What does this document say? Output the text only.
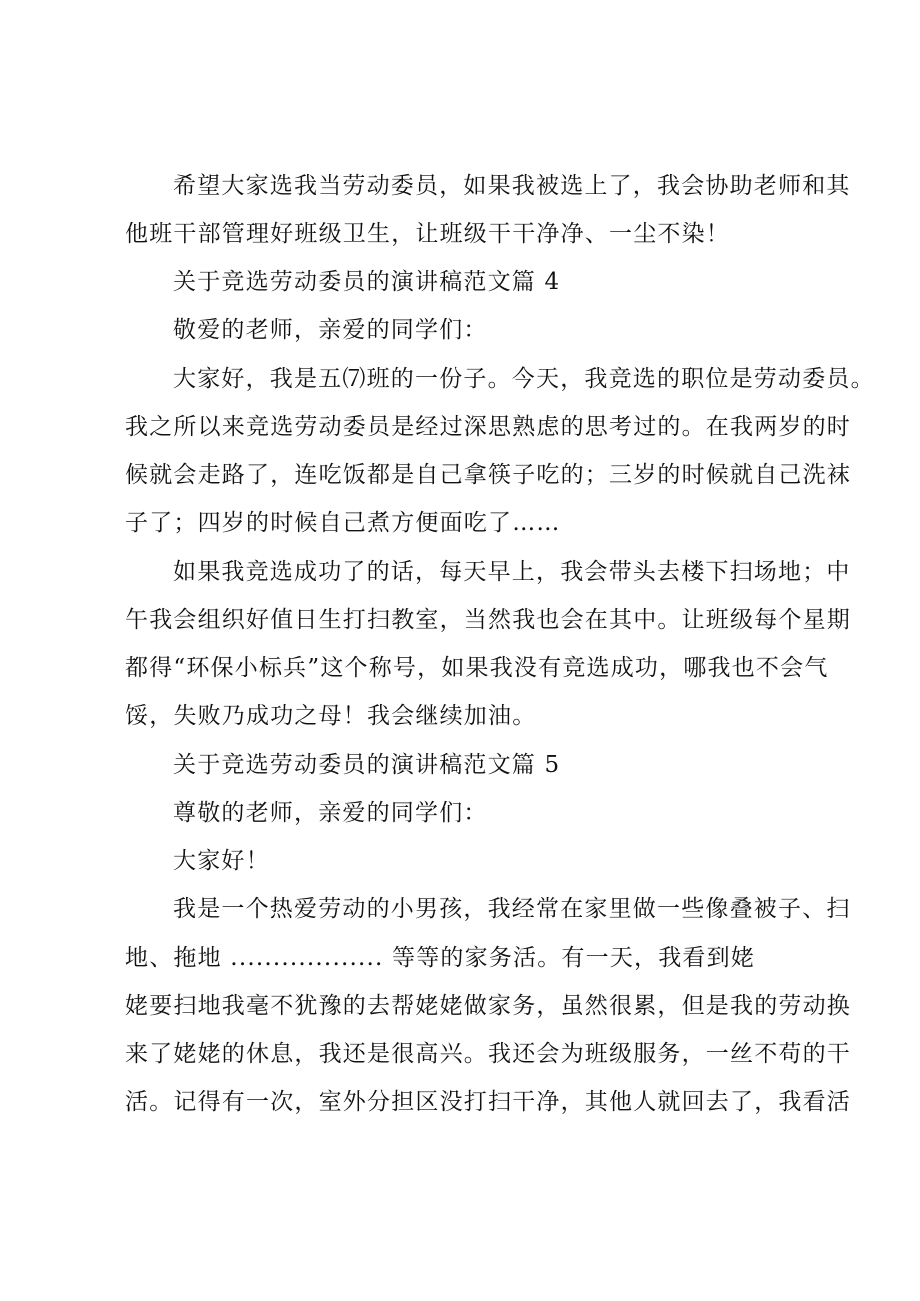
希望大家选我当劳动委员，如果我被选上了，我会协助老师和其
他班干部管理好班级卫生，让班级干干净净、一尘不染！
关于竞选劳动委员的演讲稿范文篇 4
敬爱的老师，亲爱的同学们：
大家好，我是五⑺班的一份子。今天，我竞选的职位是劳动委员。
我之所以来竞选劳动委员是经过深思熟虑的思考过的。在我两岁的时
候就会走路了，连吃饭都是自己拿筷子吃的；三岁的时候就自己洗袜
子了；四岁的时候自己煮方便面吃了……
如果我竞选成功了的话，每天早上，我会带头去楼下扫场地；中
午我会组织好值日生打扫教室，当然我也会在其中。让班级每个星期
都得“环保小标兵”这个称号，如果我没有竞选成功，哪我也不会气
馁，失败乃成功之母！我会继续加油。
关于竞选劳动委员的演讲稿范文篇 5
尊敬的老师，亲爱的同学们：
大家好！
我是一个热爱劳动的小男孩，我经常在家里做一些像叠被子、扫
地、拖地 .................. 等等的家务活。有一天，我看到姥
姥要扫地我毫不犹豫的去帮姥姥做家务，虽然很累，但是我的劳动换
来了姥姥的休息，我还是很高兴。我还会为班级服务，一丝不苟的干
活。记得有一次，室外分担区没打扫干净，其他人就回去了，我看活
